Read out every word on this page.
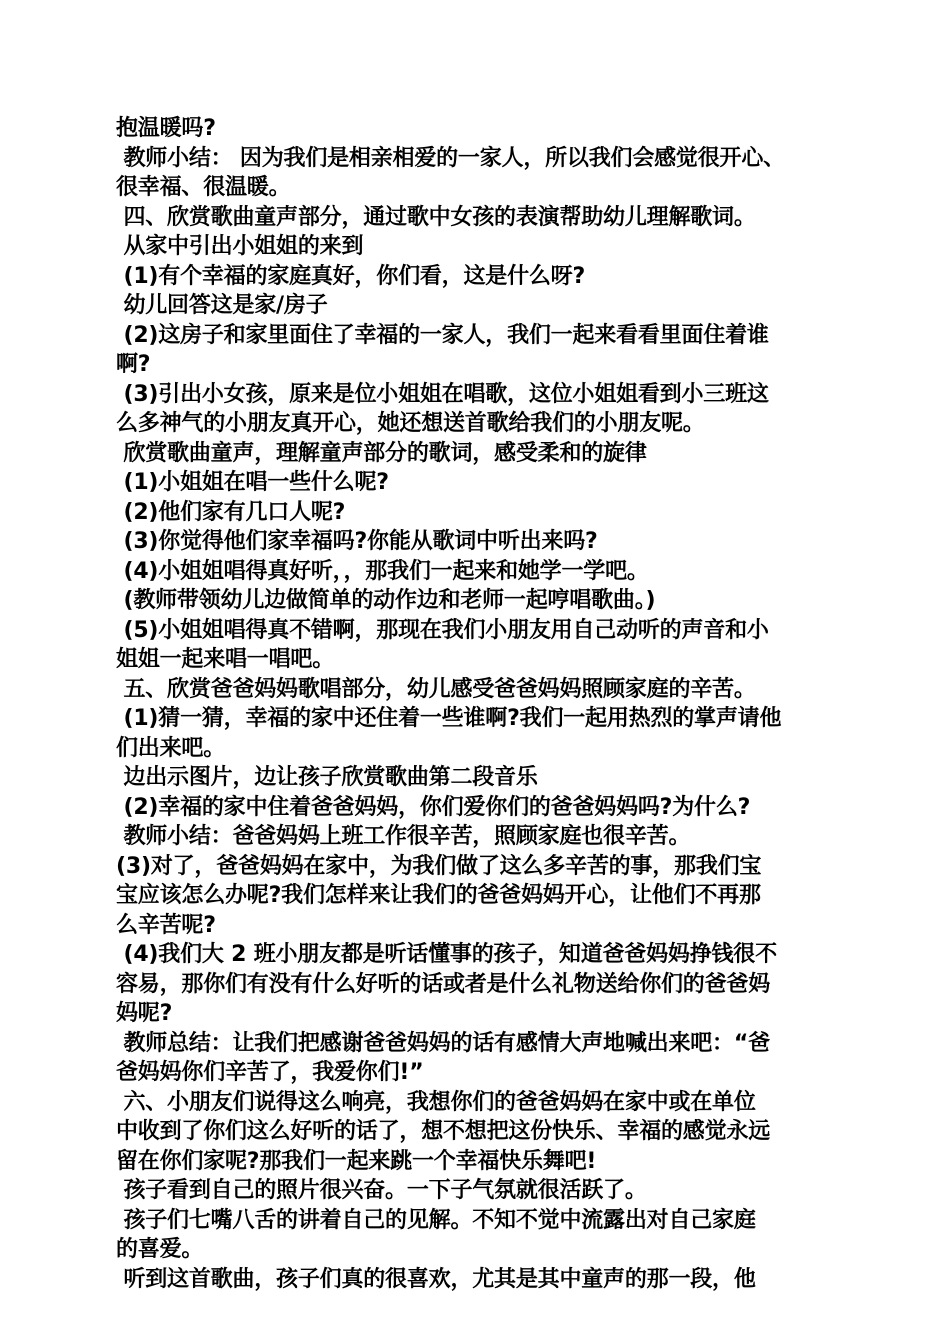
抱温暖吗?
教师小结： 因为我们是相亲相爱的一家人，所以我们会感觉很开心、
很幸福、很温暖。
四、欣赏歌曲童声部分，通过歌中女孩的表演帮助幼儿理解歌词。
从家中引出小姐姐的来到
(1)有个幸福的家庭真好，你们看，这是什么呀?
幼儿回答这是家/房子
(2)这房子和家里面住了幸福的一家人，我们一起来看看里面住着谁
啊?
(3)引出小女孩，原来是位小姐姐在唱歌，这位小姐姐看到小三班这
么多神气的小朋友真开心，她还想送首歌给我们的小朋友呢。
欣赏歌曲童声，理解童声部分的歌词，感受柔和的旋律
(1)小姐姐在唱一些什么呢?
(2)他们家有几口人呢?
(3)你觉得他们家幸福吗?你能从歌词中听出来吗?
(4)小姐姐唱得真好听，，那我们一起来和她学一学吧。
(教师带领幼儿边做简单的动作边和老师一起哼唱歌曲。)
(5)小姐姐唱得真不错啊，那现在我们小朋友用自己动听的声音和小
姐姐一起来唱一唱吧。
五、欣赏爸爸妈妈歌唱部分，幼儿感受爸爸妈妈照顾家庭的辛苦。
(1)猜一猜，幸福的家中还住着一些谁啊?我们一起用热烈的掌声请他
们出来吧。
边出示图片，边让孩子欣赏歌曲第二段音乐
(2)幸福的家中住着爸爸妈妈，你们爱你们的爸爸妈妈吗?为什么?
教师小结：爸爸妈妈上班工作很辛苦，照顾家庭也很辛苦。
(3)对了，爸爸妈妈在家中，为我们做了这么多辛苦的事，那我们宝
宝应该怎么办呢?我们怎样来让我们的爸爸妈妈开心，让他们不再那
么辛苦呢?
(4)我们大 2 班小朋友都是听话懂事的孩子，知道爸爸妈妈挣钱很不
容易，那你们有没有什么好听的话或者是什么礼物送给你们的爸爸妈
妈呢?
教师总结：让我们把感谢爸爸妈妈的话有感情大声地喊出来吧：“爸
爸妈妈你们辛苦了，我爱你们!”
六、小朋友们说得这么响亮，我想你们的爸爸妈妈在家中或在单位
中收到了你们这么好听的话了，想不想把这份快乐、幸福的感觉永远
留在你们家呢?那我们一起来跳一个幸福快乐舞吧!
孩子看到自己的照片很兴奋。一下子气氛就很活跃了。
孩子们七嘴八舌的讲着自己的见解。不知不觉中流露出对自己家庭
的喜爱。
听到这首歌曲，孩子们真的很喜欢，尤其是其中童声的那一段，他
